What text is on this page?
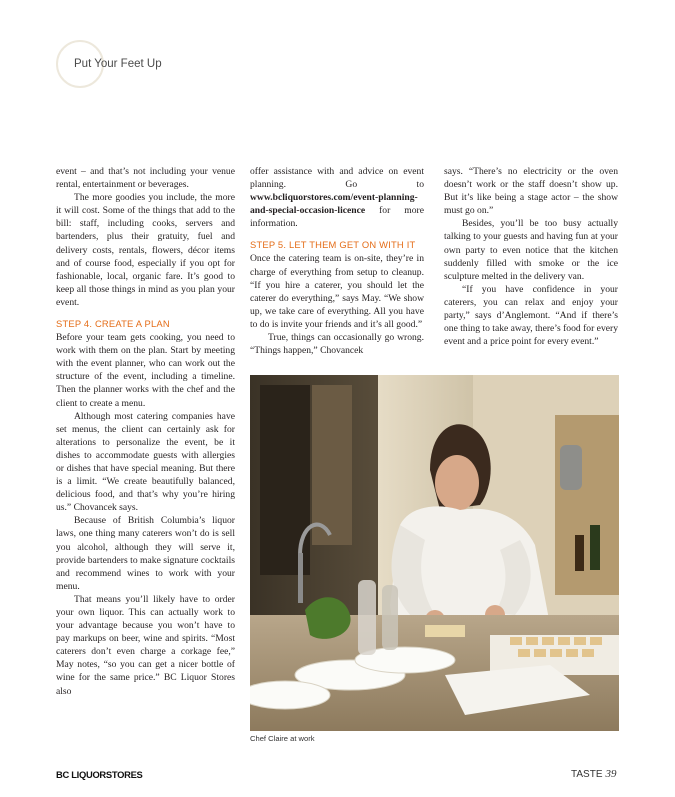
Put Your Feet Up

event – and that’s not including your venue rental, entertainment or beverages.

The more goodies you include, the more it will cost. Some of the things that add to the bill: staff, including cooks, servers and bartenders, plus their gratuity, fuel and delivery costs, rentals, flowers, décor items and of course food, especially if you opt for fashionable, local, organic fare. It’s good to keep all those things in mind as you plan your event.

STEP 4. CREATE A PLAN

Before your team gets cooking, you need to work with them on the plan. Start by meeting with the event planner, who can work out the structure of the event, including a timeline. Then the planner works with the chef and the client to create a menu.

Although most catering companies have set menus, the client can certainly ask for alterations to personalize the event, be it dishes to accommodate guests with allergies or dishes that have special meaning. But there is a limit. “We create beautifully balanced, delicious food, and that’s why you’re hiring us.” Chovancek says.

Because of British Columbia’s liquor laws, one thing many caterers won’t do is sell you alcohol, although they will serve it, provide bartenders to make signature cocktails and recommend wines to work with your menu.

That means you’ll likely have to order your own liquor. This can actually work to your advantage because you won’t have to pay markups on beer, wine and spirits. “Most caterers don’t even charge a corkage fee,” May notes, “so you can get a nicer bottle of wine for the same price.” BC Liquor Stores also

offer assistance with and advice on event planning. Go to www.bcliquorstores.com/event-planning-and-special-occasion-licence for more information.

STEP 5. LET THEM GET ON WITH IT

Once the catering team is on-site, they’re in charge of everything from setup to cleanup. “If you hire a caterer, you should let the caterer do everything,” says May. “We show up, we take care of everything. All you have to do is invite your friends and it’s all good.”

True, things can occasionally go wrong. “Things happen,” Chovancek

says. “There’s no electricity or the oven doesn’t work or the staff doesn’t show up. But it’s like being a stage actor – the show must go on.”

Besides, you’ll be too busy actually talking to your guests and having fun at your own party to even notice that the kitchen suddenly filled with smoke or the ice sculpture melted in the delivery van.

“If you have confidence in your caterers, you can relax and enjoy your party,” says d’Anglemont. “And if there’s one thing to take away, there’s food for every event and a price point for every event.”

Chef Claire at work
BC LIQUORSTORES	TASTE 39
